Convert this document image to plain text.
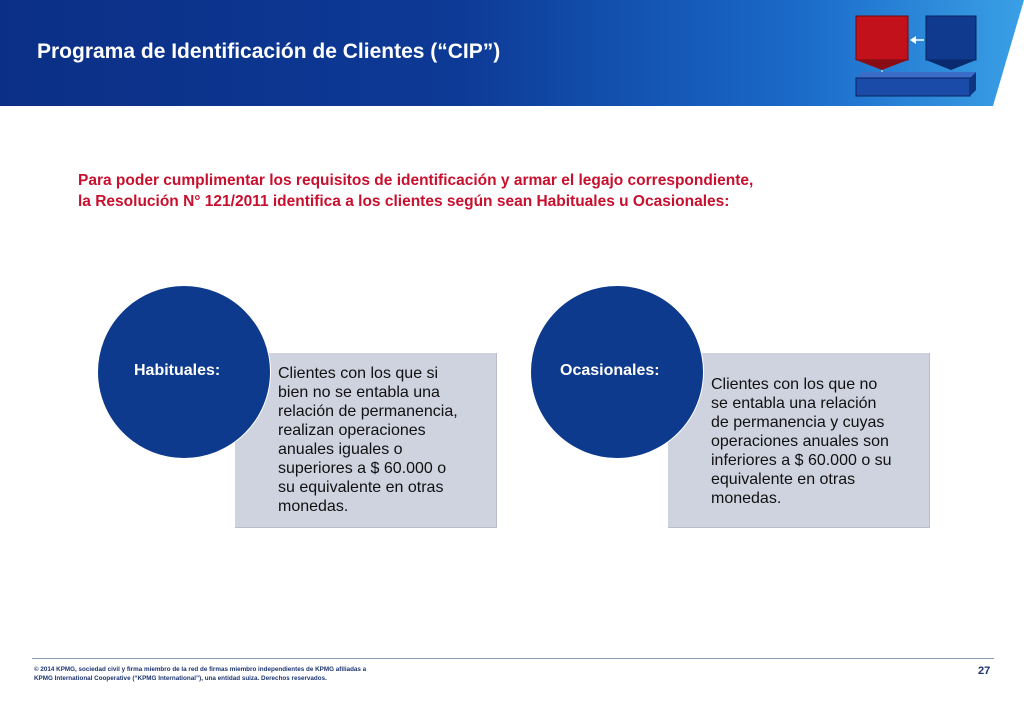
Programa de Identificación de Clientes (“CIP”)
Para poder cumplimentar los requisitos de identificación y armar el legajo correspondiente,
la Resolución N° 121/2011 identifica a los clientes según sean Habituales u Ocasionales:
Clientes con los que si
bien no se entabla una
relación de permanencia,
realizan operaciones
anuales iguales o
superiores a $ 60.000 o
su equivalente en otras
monedas.
Habituales:
Clientes con los que no
se entabla una relación
de permanencia y cuyas
operaciones anuales son
inferiores a $ 60.000 o su
equivalente en otras
monedas.
Ocasionales:
© 2014 KPMG, sociedad civil y firma miembro de la red de firmas miembro independientes de KPMG afiliadas a
KPMG International Cooperative (“KPMG International”), una entidad suiza. Derechos reservados.
27
